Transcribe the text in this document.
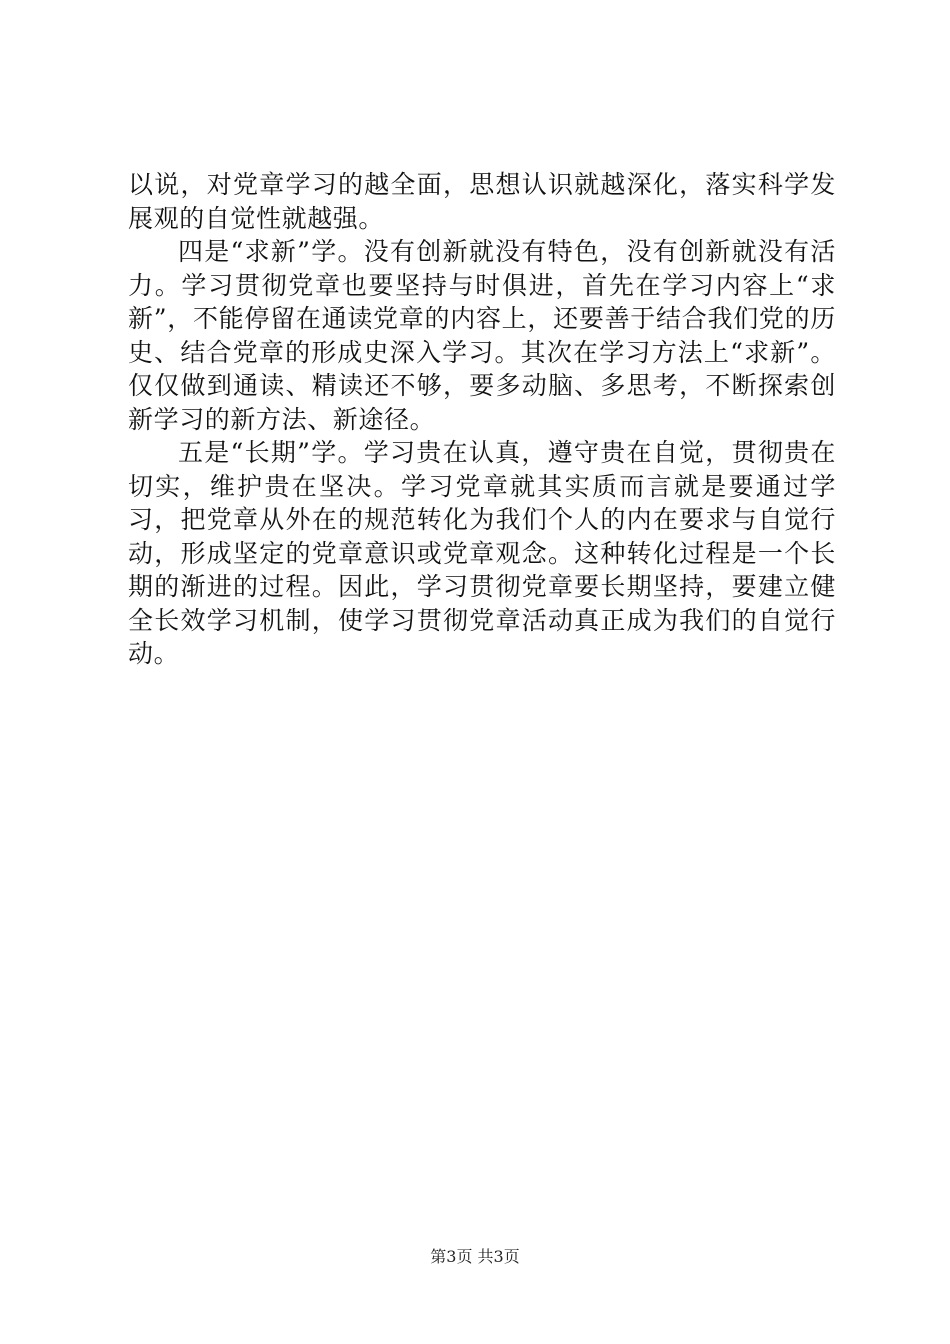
以说，对党章学习的越全面，思想认识就越深化，落实科学发展观的自觉性就越强。

四是“求新”学。没有创新就没有特色，没有创新就没有活力。学习贯彻党章也要坚持与时俱进，首先在学习内容上“求新”，不能停留在通读党章的内容上，还要善于结合我们党的历史、结合党章的形成史深入学习。其次在学习方法上“求新”。仅仅做到通读、精读还不够，要多动脑、多思考，不断探索创新学习的新方法、新途径。

五是“长期”学。学习贵在认真，遵守贵在自觉，贯彻贵在切实，维护贵在坚决。学习党章就其实质而言就是要通过学习，把党章从外在的规范转化为我们个人的内在要求与自觉行动，形成坚定的党章意识或党章观念。这种转化过程是一个长期的渐进的过程。因此，学习贯彻党章要长期坚持，要建立健全长效学习机制，使学习贯彻党章活动真正成为我们的自觉行动。

第3页 共3页
